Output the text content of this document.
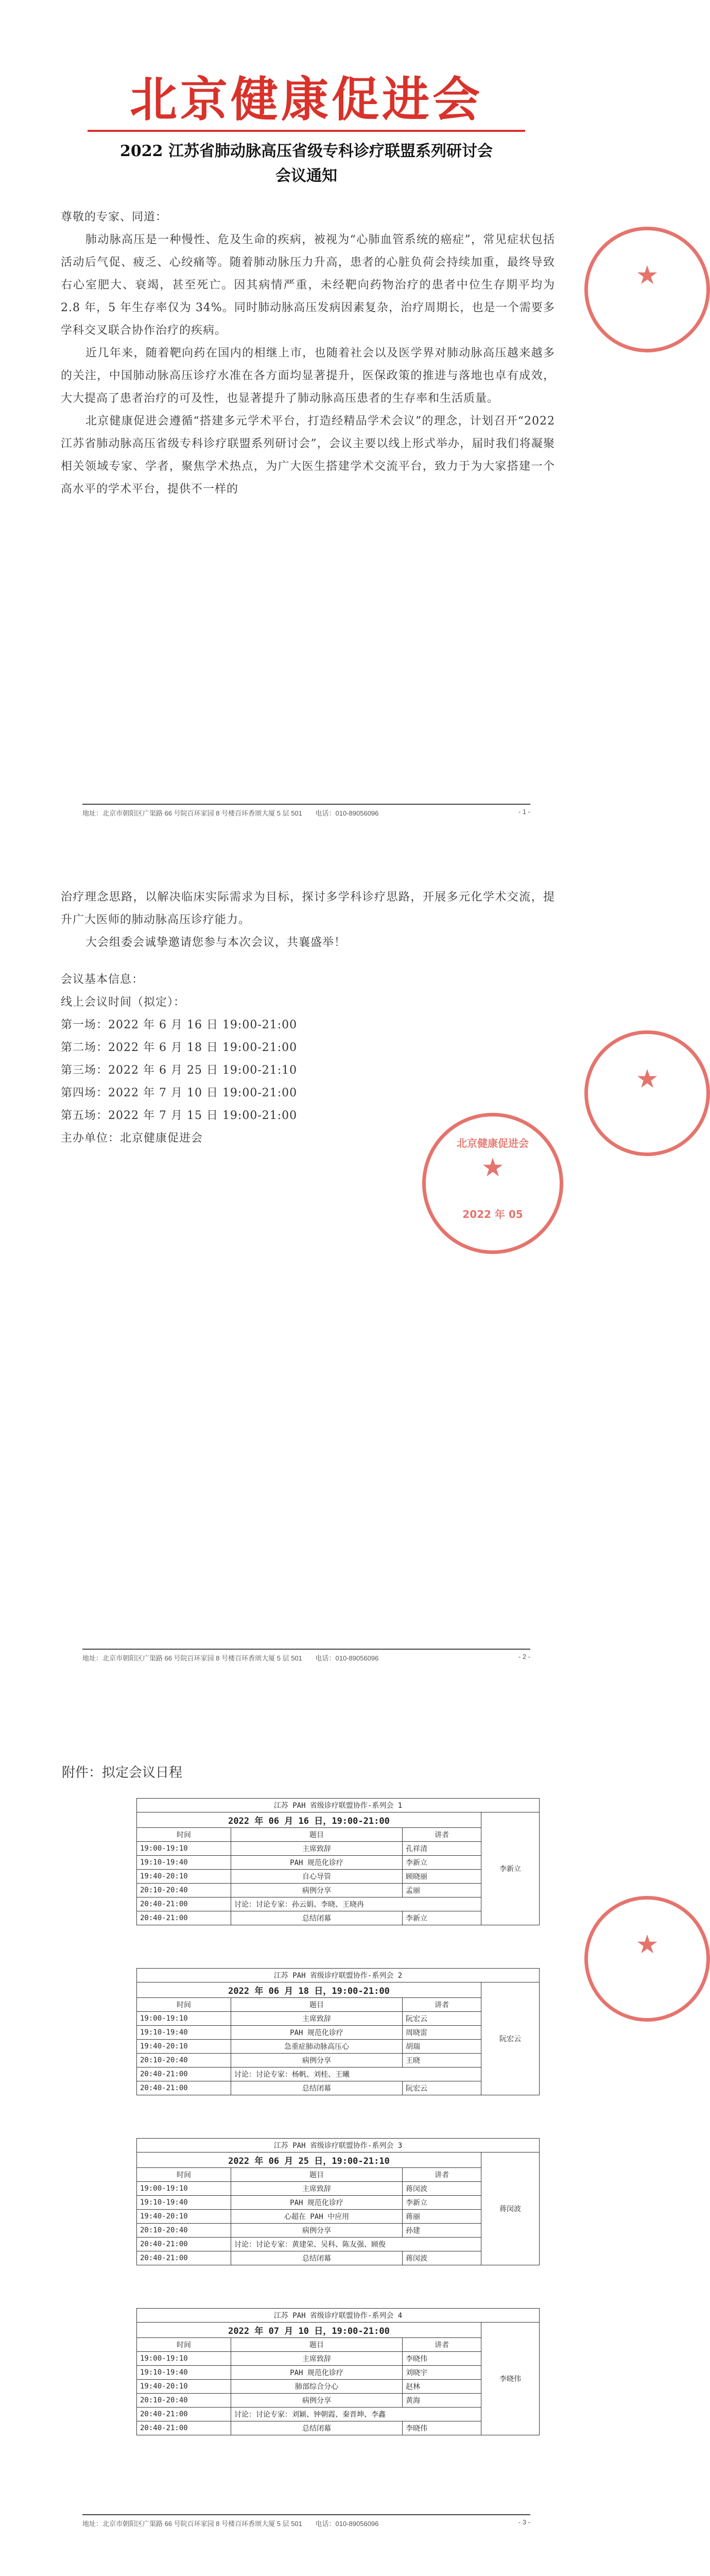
北京健康促进会
2022 江苏省肺动脉高压省级专科诊疗联盟系列研讨会
会议通知

尊敬的专家、同道：

肺动脉高压是一种慢性、危及生命的疾病，被视为“心肺血管系统的癌症”，常见症状包括活动后气促、疲乏、心绞痛等。随着肺动脉压力升高，患者的心脏负荷会持续加重，最终导致右心室肥大、衰竭，甚至死亡。因其病情严重，未经靶向药物治疗的患者中位生存期平均为 2.8 年，5 年生存率仅为 34%。同时肺动脉高压发病因素复杂，治疗周期长，也是一个需要多学科交叉联合协作治疗的疾病。

近几年来，随着靶向药在国内的相继上市，也随着社会以及医学界对肺动脉高压越来越多的关注，中国肺动脉高压诊疗水准在各方面均显著提升，医保政策的推进与落地也卓有成效，大大提高了患者治疗的可及性，也显著提升了肺动脉高压患者的生存率和生活质量。

北京健康促进会遵循“搭建多元学术平台，打造经精品学术会议”的理念，计划召开“2022 江苏省肺动脉高压省级专科诊疗联盟系列研讨会”，会议主要以线上形式举办，届时我们将凝聚相关领域专家、学者，聚焦学术热点，为广大医生搭建学术交流平台，致力于为大家搭建一个高水平的学术平台，提供不一样的

★
地址：北京市朝阳区广渠路 66 号院百环家园 8 号楼百环香颂大厦 5 层 501 电话：010-89056096	- 1 -

治疗理念思路，以解决临床实际需求为目标，探讨多学科诊疗思路，开展多元化学术交流，提升广大医师的肺动脉高压诊疗能力。

大会组委会诚挚邀请您参与本次会议，共襄盛举！

会议基本信息：

线上会议时间（拟定）：

第一场：2022 年 6 月 16 日 19:00-21:00

第二场：2022 年 6 月 18 日 19:00-21:00

第三场：2022 年 6 月 25 日 19:00-21:10

第四场：2022 年 7 月 10 日 19:00-21:00

第五场：2022 年 7 月 15 日 19:00-21:00

主办单位：北京健康促进会	北京健康促进会
★
2022 年 05
★
地址：北京市朝阳区广渠路 66 号院百环家园 8 号楼百环香颂大厦 5 层 501 电话：010-89056096	- 2 -
附件：拟定会议日程
江苏 PAH 省级诊疗联盟协作-系列会 1			
2022 年 06 月 16 日，19:00-21:00			李新立
时间	题目	讲者	
19:00-19:10	主席致辞	孔祥清	
19:10-19:40	PAH 规范化诊疗	李新立	
19:40-20:10	自心导管	顾晓丽	
20:10-20:40	病例分享	孟丽	
20:40-21:00	讨论：讨论专家：孙云娟、李晓、王晓冉		
20:40-21:00	总结闭幕	李新立	
江苏 PAH 省级诊疗联盟协作-系列会 2			
2022 年 06 月 18 日，19:00-21:00			阮宏云
时间	题目	讲者	
19:00-19:10	主席致辞	阮宏云	
19:10-19:40	PAH 规范化诊疗	周晓雷	
19:40-20:10	急重症肺动脉高压心	胡瑞	
20:10-20:40	病例分享	王晓	
20:40-21:00	讨论：讨论专家：杨帆、刘桂、王曦		
20:40-21:00	总结闭幕	阮宏云	
江苏 PAH 省级诊疗联盟协作-系列会 3			
2022 年 06 月 25 日，19:00-21:10			蒋闵波
时间	题目	讲者	
19:00-19:10	主席致辞	蒋闵波	
19:10-19:40	PAH 规范化诊疗	李新立	
19:40-20:10	心超在 PAH 中应用	蒋丽	
20:10-20:40	病例分享	孙建	
20:40-21:00	讨论：讨论专家：黄建荣、吴科、陈友强、顾俊		
20:40-21:00	总结闭幕	蒋闵波	
江苏 PAH 省级诊疗联盟协作-系列会 4			
2022 年 07 月 10 日，19:00-21:00			李晓伟
时间	题目	讲者	
19:00-19:10	主席致辞	李晓伟	
19:10-19:40	PAH 规范化诊疗	刘晓宇	
19:40-20:10	肺部综合分心	赵林	
20:10-20:40	病例分享	黄海	
20:40-21:00	讨论：讨论专家：刘颖、钟朝霞、秦晋坤、李鑫		
20:40-21:00	总结闭幕	李晓伟	
★
地址：北京市朝阳区广渠路 66 号院百环家园 8 号楼百环香颂大厦 5 层 501 电话：010-89056096	- 3 -
